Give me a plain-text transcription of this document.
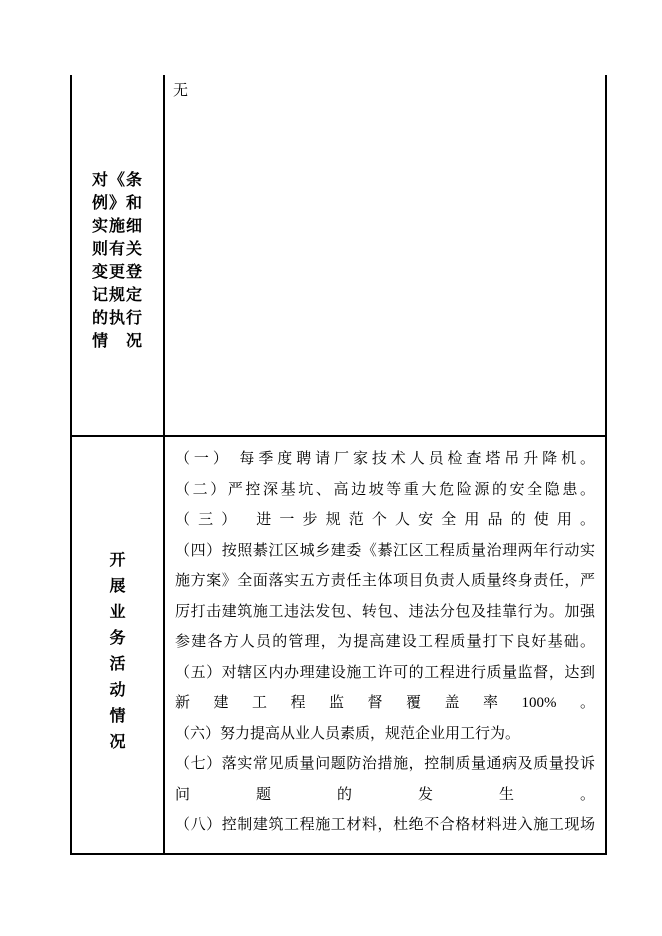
对《条
例》和
实施细
则有关
变更登
记规定
的执行
情　况
无
开
展
业
务
活
动
情
况
（一） 每季度聘请厂家技术人员检查塔吊升降机。
（二）严控深基坑、高边坡等重大危险源的安全隐患。
（三） 进一步规范个人安全用品的使用。
（四）按照綦江区城乡建委《綦江区工程质量治理两年行动实
施方案》全面落实五方责任主体项目负责人质量终身责任，严
厉打击建筑施工违法发包、转包、违法分包及挂靠行为。加强
参建各方人员的管理，为提高建设工程质量打下良好基础。
（五）对辖区内办理建设施工许可的工程进行质量监督，达到
新建工程监督覆盖率100%。
（六）努力提高从业人员素质，规范企业用工行为。
（七）落实常见质量问题防治措施，控制质量通病及质量投诉
问题的发生。
（八）控制建筑工程施工材料，杜绝不合格材料进入施工现场
